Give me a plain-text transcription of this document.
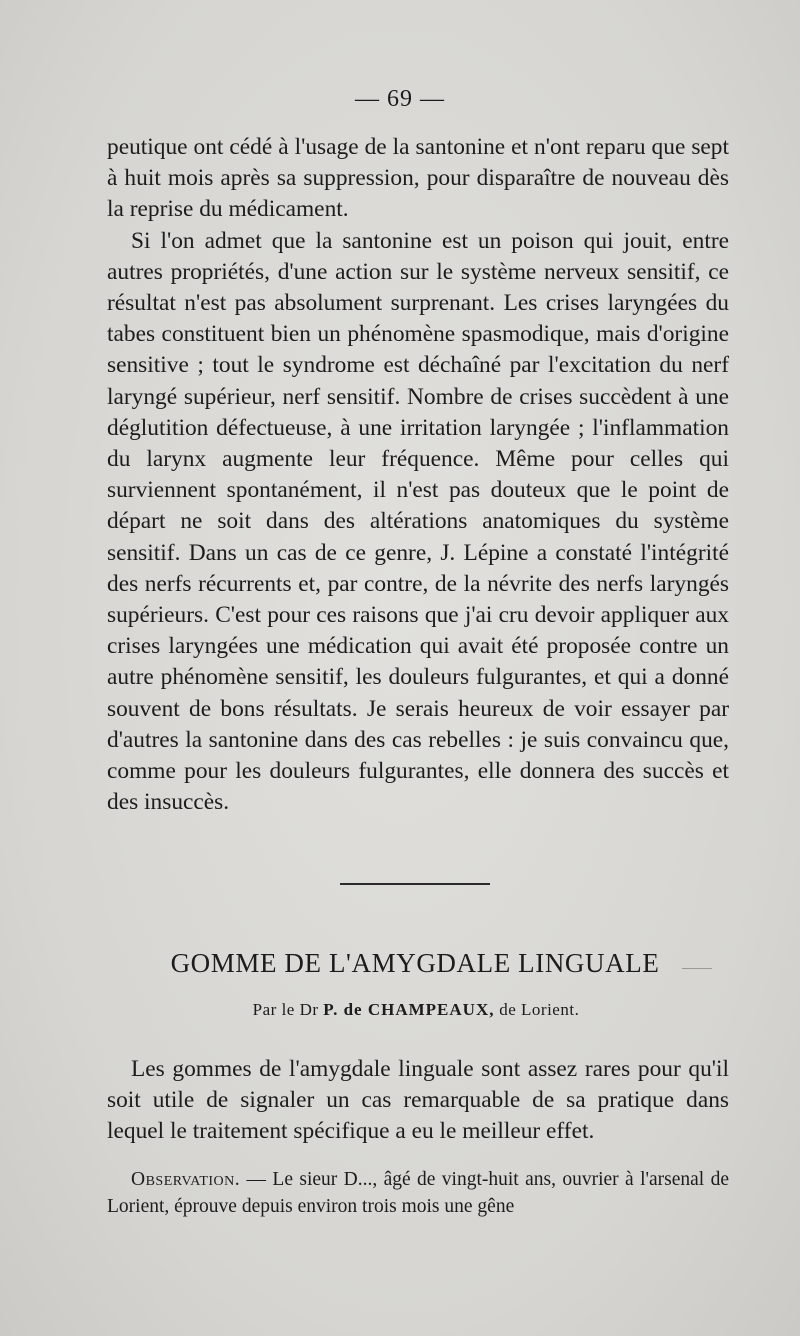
— 69 —

peutique ont cédé à l'usage de la santonine et n'ont reparu que sept à huit mois après sa suppression, pour disparaître de nouveau dès la reprise du médicament.

Si l'on admet que la santonine est un poison qui jouit, entre autres propriétés, d'une action sur le système nerveux sensitif, ce résultat n'est pas absolument surprenant. Les crises laryngées du tabes constituent bien un phénomène spasmodique, mais d'origine sensitive ; tout le syndrome est déchaîné par l'excitation du nerf laryngé supérieur, nerf sensitif. Nombre de crises succèdent à une déglutition défectueuse, à une irritation laryngée ; l'inflammation du larynx augmente leur fréquence. Même pour celles qui surviennent spontanément, il n'est pas douteux que le point de départ ne soit dans des altérations anatomiques du système sensitif. Dans un cas de ce genre, J. Lépine a constaté l'intégrité des nerfs récurrents et, par contre, de la névrite des nerfs laryngés supérieurs. C'est pour ces raisons que j'ai cru devoir appliquer aux crises laryngées une médication qui avait été proposée contre un autre phénomène sensitif, les douleurs fulgurantes, et qui a donné souvent de bons résultats. Je serais heureux de voir essayer par d'autres la santonine dans des cas rebelles : je suis convaincu que, comme pour les douleurs fulgurantes, elle donnera des succès et des insuccès.

GOMME DE L'AMYGDALE LINGUALE
Par le Dr P. de CHAMPEAUX, de Lorient.

Les gommes de l'amygdale linguale sont assez rares pour qu'il soit utile de signaler un cas remarquable de sa pratique dans lequel le traitement spécifique a eu le meilleur effet.

Observation. — Le sieur D..., âgé de vingt-huit ans, ouvrier à l'arsenal de Lorient, éprouve depuis environ trois mois une gêne
